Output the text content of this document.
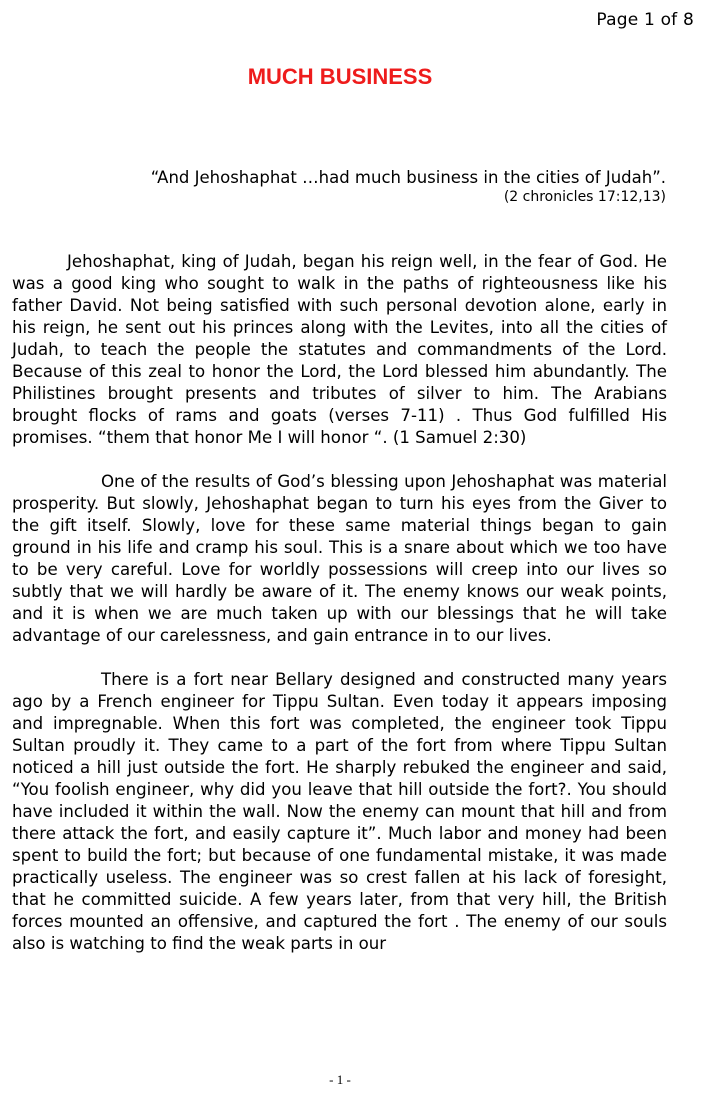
Page 1 of 8
MUCH BUSINESS
“And Jehoshaphat …had much business in the cities of Judah”.
(2 chronicles 17:12,13)

Jehoshaphat, king of Judah, began his reign well, in the fear of God. He was a good king who sought to walk in the paths of righteousness like his father David. Not being satisfied with such personal devotion alone, early in his reign, he sent out his princes along with the Levites, into all the cities of Judah, to teach the people the statutes and commandments of the Lord. Because of this zeal to honor the Lord, the Lord blessed him abundantly. The Philistines brought presents and tributes of silver to him. The Arabians brought flocks of rams and goats (verses 7-11) . Thus God fulfilled His promises. “them that honor Me I will honor “. (1 Samuel 2:30)

One of the results of God’s blessing upon Jehoshaphat was material prosperity. But slowly, Jehoshaphat began to turn his eyes from the Giver to the gift itself. Slowly, love for these same material things began to gain ground in his life and cramp his soul. This is a snare about which we too have to be very careful. Love for worldly possessions will creep into our lives so subtly that we will hardly be aware of it. The enemy knows our weak points, and it is when we are much taken up with our blessings that he will take advantage of our carelessness, and gain entrance in to our lives.

There is a fort near Bellary designed and constructed many years ago by a French engineer for Tippu Sultan. Even today it appears imposing and impregnable. When this fort was completed, the engineer took Tippu Sultan proudly it. They came to a part of the fort from where Tippu Sultan noticed a hill just outside the fort. He sharply rebuked the engineer and said, “You foolish engineer, why did you leave that hill outside the fort?. You should have included it within the wall. Now the enemy can mount that hill and from there attack the fort, and easily capture it”. Much labor and money had been spent to build the fort; but because of one fundamental mistake, it was made practically useless. The engineer was so crest fallen at his lack of foresight, that he committed suicide. A few years later, from that very hill, the British forces mounted an offensive, and captured the fort . The enemy of our souls also is watching to find the weak parts in our

- 1 -
